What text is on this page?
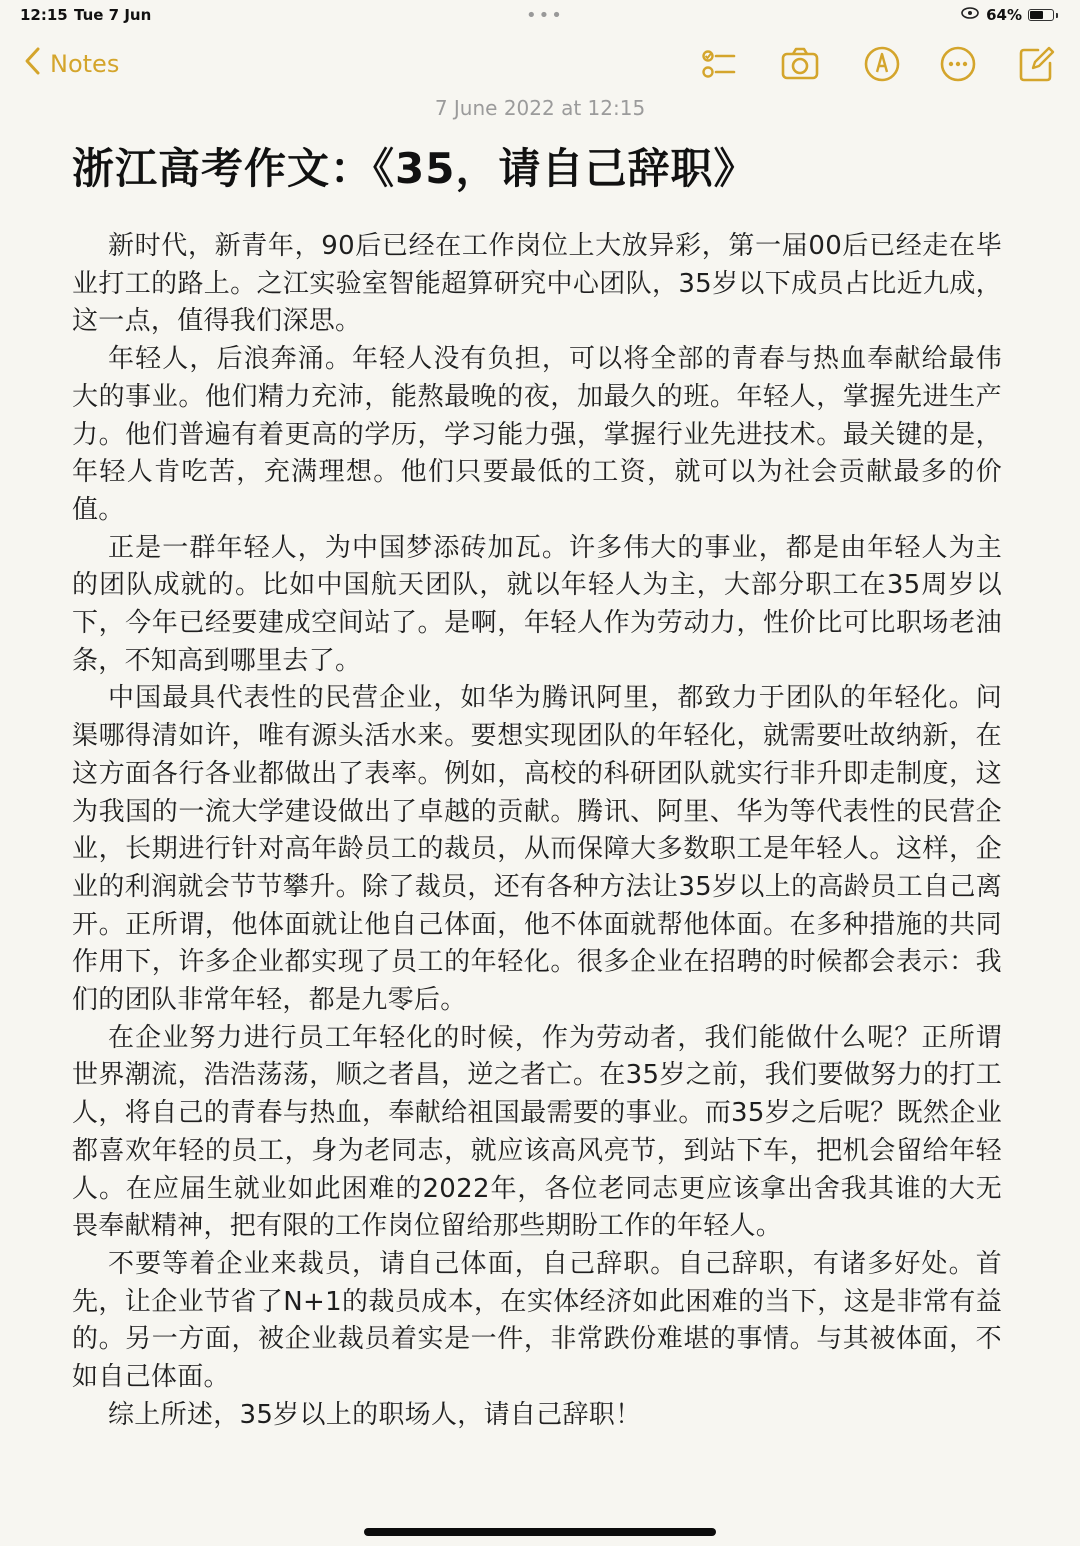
12:15 Tue 7 Jun	•••	64%
Notes
7 June 2022 at 12:15
浙江高考作文：《35，请自己辞职》

新时代，新青年，90后已经在工作岗位上大放异彩，第一届00后已经走在毕业打工的路上。之江实验室智能超算研究中心团队，35岁以下成员占比近九成，这一点，值得我们深思。

年轻人，后浪奔涌。年轻人没有负担，可以将全部的青春与热血奉献给最伟大的事业。他们精力充沛，能熬最晚的夜，加最久的班。年轻人，掌握先进生产力。他们普遍有着更高的学历，学习能力强，掌握行业先进技术。最关键的是，年轻人肯吃苦，充满理想。他们只要最低的工资，就可以为社会贡献最多的价值。

正是一群年轻人，为中国梦添砖加瓦。许多伟大的事业，都是由年轻人为主的团队成就的。比如中国航天团队，就以年轻人为主，大部分职工在35周岁以下，今年已经要建成空间站了。是啊，年轻人作为劳动力，性价比可比职场老油条，不知高到哪里去了。

中国最具代表性的民营企业，如华为腾讯阿里，都致力于团队的年轻化。问渠哪得清如许，唯有源头活水来。要想实现团队的年轻化，就需要吐故纳新，在这方面各行各业都做出了表率。例如，高校的科研团队就实行非升即走制度，这为我国的一流大学建设做出了卓越的贡献。腾讯、阿里、华为等代表性的民营企业，长期进行针对高年龄员工的裁员，从而保障大多数职工是年轻人。这样，企业的利润就会节节攀升。除了裁员，还有各种方法让35岁以上的高龄员工自己离开。正所谓，他体面就让他自己体面，他不体面就帮他体面。在多种措施的共同作用下，许多企业都实现了员工的年轻化。很多企业在招聘的时候都会表示：我们的团队非常年轻，都是九零后。

在企业努力进行员工年轻化的时候，作为劳动者，我们能做什么呢？正所谓世界潮流，浩浩荡荡，顺之者昌，逆之者亡。在35岁之前，我们要做努力的打工人，将自己的青春与热血，奉献给祖国最需要的事业。而35岁之后呢？既然企业都喜欢年轻的员工，身为老同志，就应该高风亮节，到站下车，把机会留给年轻人。在应届生就业如此困难的2022年，各位老同志更应该拿出舍我其谁的大无畏奉献精神，把有限的工作岗位留给那些期盼工作的年轻人。

不要等着企业来裁员，请自己体面，自己辞职。自己辞职，有诸多好处。首先，让企业节省了N+1的裁员成本，在实体经济如此困难的当下，这是非常有益的。另一方面，被企业裁员着实是一件，非常跌份难堪的事情。与其被体面，不如自己体面。

综上所述，35岁以上的职场人，请自己辞职！
